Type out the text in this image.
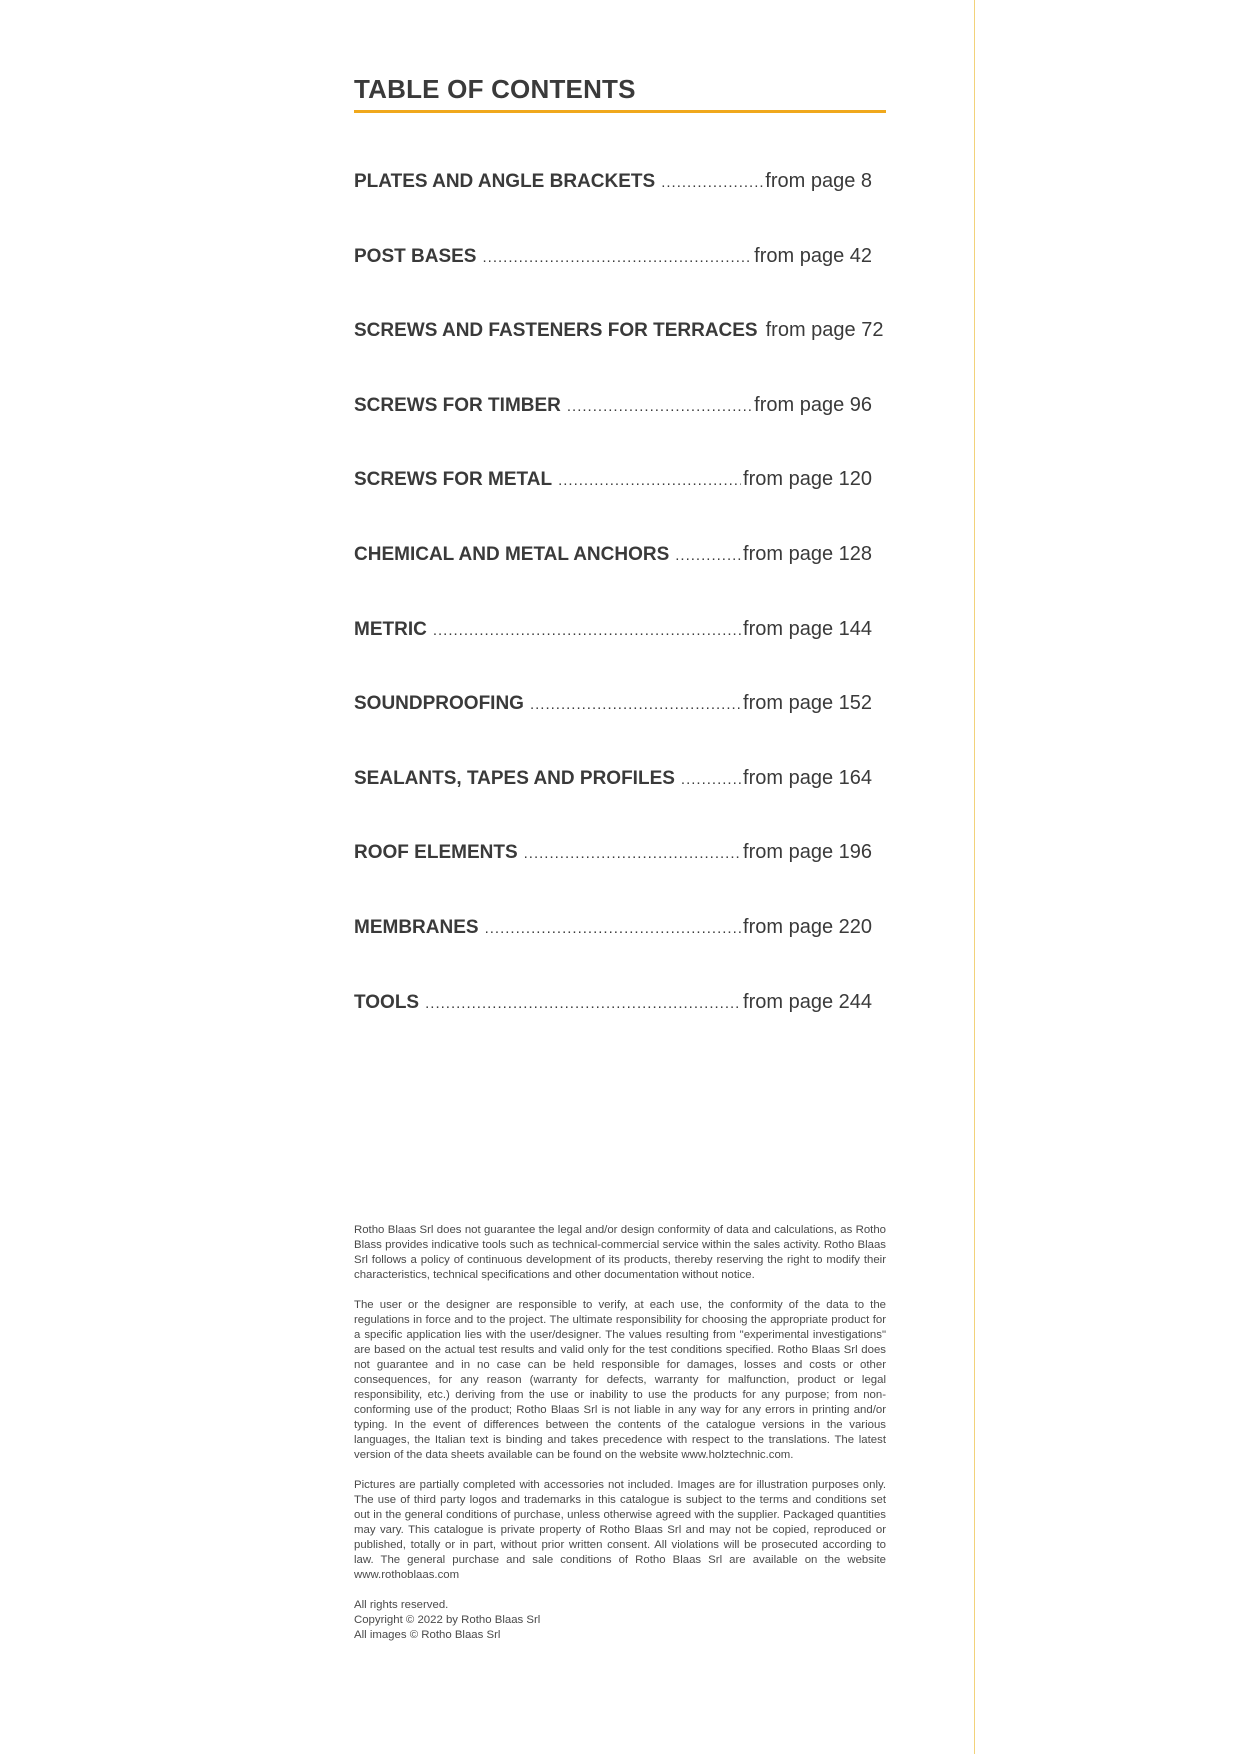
TABLE OF CONTENTS
PLATES AND ANGLE BRACKETS .....	from page 8
POST BASES .....	from page 42
SCREWS AND FASTENERS FOR TERRACES from page 72
SCREWS FOR TIMBER .....	from page 96
SCREWS FOR METAL .....	from page 120
CHEMICAL AND METAL ANCHORS .....	from page 128
METRIC .....	from page 144
SOUNDPROOFING .....	from page 152
SEALANTS, TAPES AND PROFILES .....	from page 164
ROOF ELEMENTS .....	from page 196
MEMBRANES .....	from page 220
TOOLS .....	from page 244

Rotho Blaas Srl does not guarantee the legal and/or design conformity of data and calculations, as Rotho Blass provides indicative tools such as technical-commercial service within the sales activity. Rotho Blaas Srl follows a policy of continuous development of its products, thereby reserving the right to modify their characteristics, technical specifications and other documentation without notice.

The user or the designer are responsible to verify, at each use, the conformity of the data to the regulations in force and to the project. The ultimate responsibility for choosing the appropriate product for a specific application lies with the user/designer. The values resulting from "experimental investigations" are based on the actual test results and valid only for the test conditions specified. Rotho Blaas Srl does not guarantee and in no case can be held responsible for damages, losses and costs or other consequences, for any reason (warranty for defects, warranty for malfunction, product or legal responsibility, etc.) deriving from the use or inability to use the products for any purpose; from non-conforming use of the product; Rotho Blaas Srl is not liable in any way for any errors in printing and/or typing. In the event of differences between the contents of the catalogue versions in the various languages, the Italian text is binding and takes precedence with respect to the translations. The latest version of the data sheets available can be found on the website www.holztechnic.com.

Pictures are partially completed with accessories not included. Images are for illustration purposes only. The use of third party logos and trademarks in this catalogue is subject to the terms and conditions set out in the general conditions of purchase, unless otherwise agreed with the supplier. Packaged quantities may vary. This catalogue is private property of Rotho Blaas Srl and may not be copied, reproduced or published, totally or in part, without prior written consent. All violations will be prosecuted according to law. The general purchase and sale conditions of Rotho Blaas Srl are available on the website www.rothoblaas.com

All rights reserved.
Copyright © 2022 by Rotho Blaas Srl
All images © Rotho Blaas Srl
